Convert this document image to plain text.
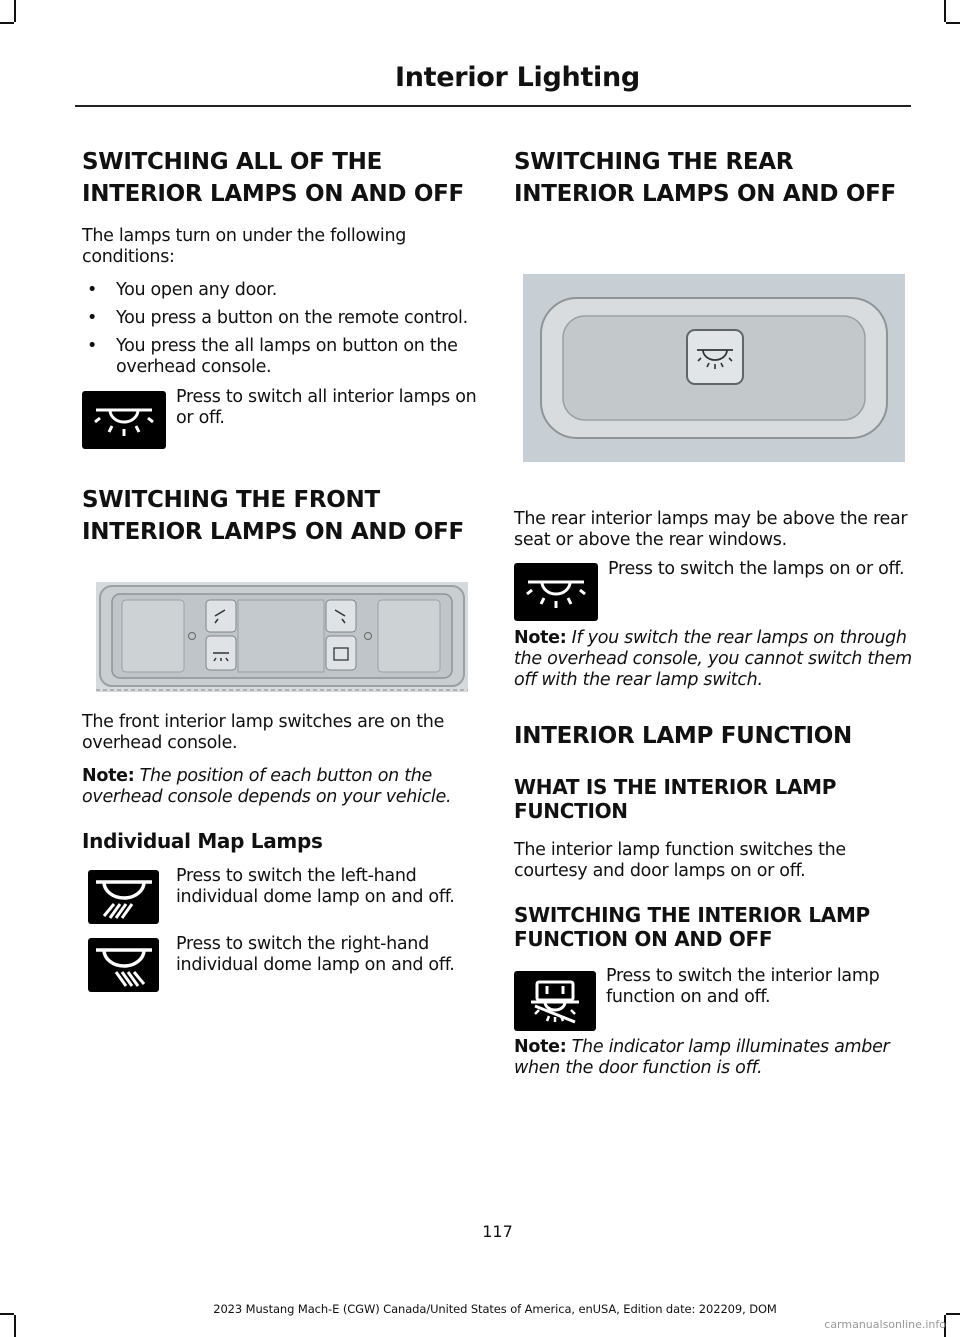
Interior Lighting
SWITCHING ALL OF THE
INTERIOR LAMPS ON AND OFF
The lamps turn on under the following conditions:
• You open any door.
• You press a button on the remote control.
• You press the all lamps on button on the overhead console.
Press to switch all interior lamps on or off.
SWITCHING THE FRONT
INTERIOR LAMPS ON AND OFF
The front interior lamp switches are on the overhead console.
Note: The position of each button on the overhead console depends on your vehicle.
Individual Map Lamps
Press to switch the left-hand individual dome lamp on and off.
Press to switch the right-hand individual dome lamp on and off.
SWITCHING THE REAR
INTERIOR LAMPS ON AND OFF
The rear interior lamps may be above the rear seat or above the rear windows.
Press to switch the lamps on or off.
Note: If you switch the rear lamps on through the overhead console, you cannot switch them off with the rear lamp switch.
INTERIOR LAMP FUNCTION
WHAT IS THE INTERIOR LAMP FUNCTION
The interior lamp function switches the courtesy and door lamps on or off.
SWITCHING THE INTERIOR LAMP FUNCTION ON AND OFF
Press to switch the interior lamp function on and off.
Note: The indicator lamp illuminates amber when the door function is off.
117
2023 Mustang Mach-E (CGW) Canada/United States of America, enUSA, Edition date: 202209, DOM
carmanualsonline.info
